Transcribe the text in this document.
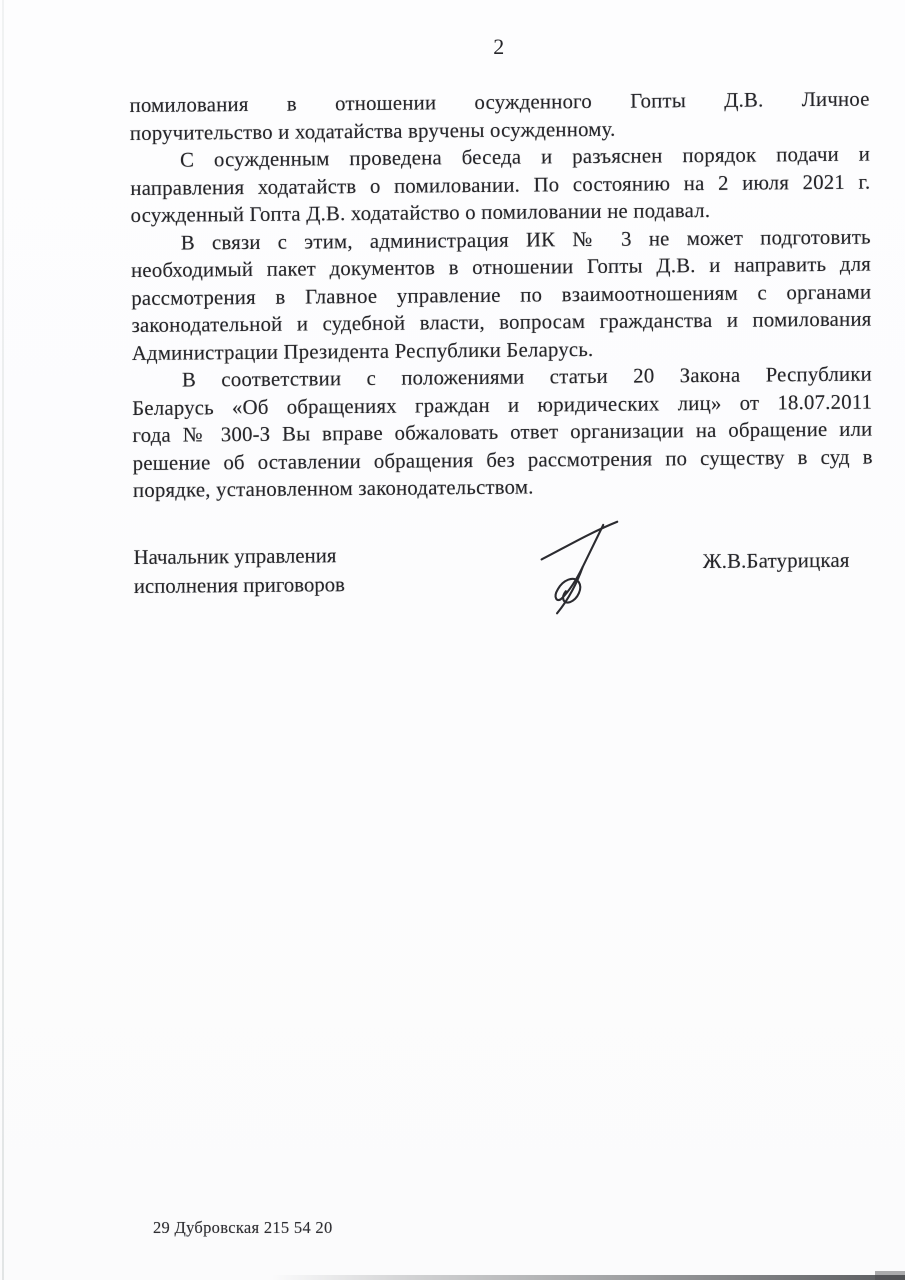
2
помилования в отношении осужденного Гопты Д.В. Личное
поручительство и ходатайства вручены осужденному.
С осужденным проведена беседа и разъяснен порядок подачи и
направления ходатайств о помиловании. По состоянию на 2 июля 2021 г.
осужденный Гопта Д.В. ходатайство о помиловании не подавал.
В связи с этим, администрация ИК № 3 не может подготовить
необходимый пакет документов в отношении Гопты Д.В. и направить для
рассмотрения в Главное управление по взаимоотношениям с органами
законодательной и судебной власти, вопросам гражданства и помилования
Администрации Президента Республики Беларусь.
В соответствии с положениями статьи 20 Закона Республики
Беларусь «Об обращениях граждан и юридических лиц» от 18.07.2011
года № 300-З Вы вправе обжаловать ответ организации на обращение или
решение об оставлении обращения без рассмотрения по существу в суд в
порядке, установленном законодательством.
Начальник управления
исполнения приговоров
Ж.В.Батурицкая
29 Дубровская 215 54 20
